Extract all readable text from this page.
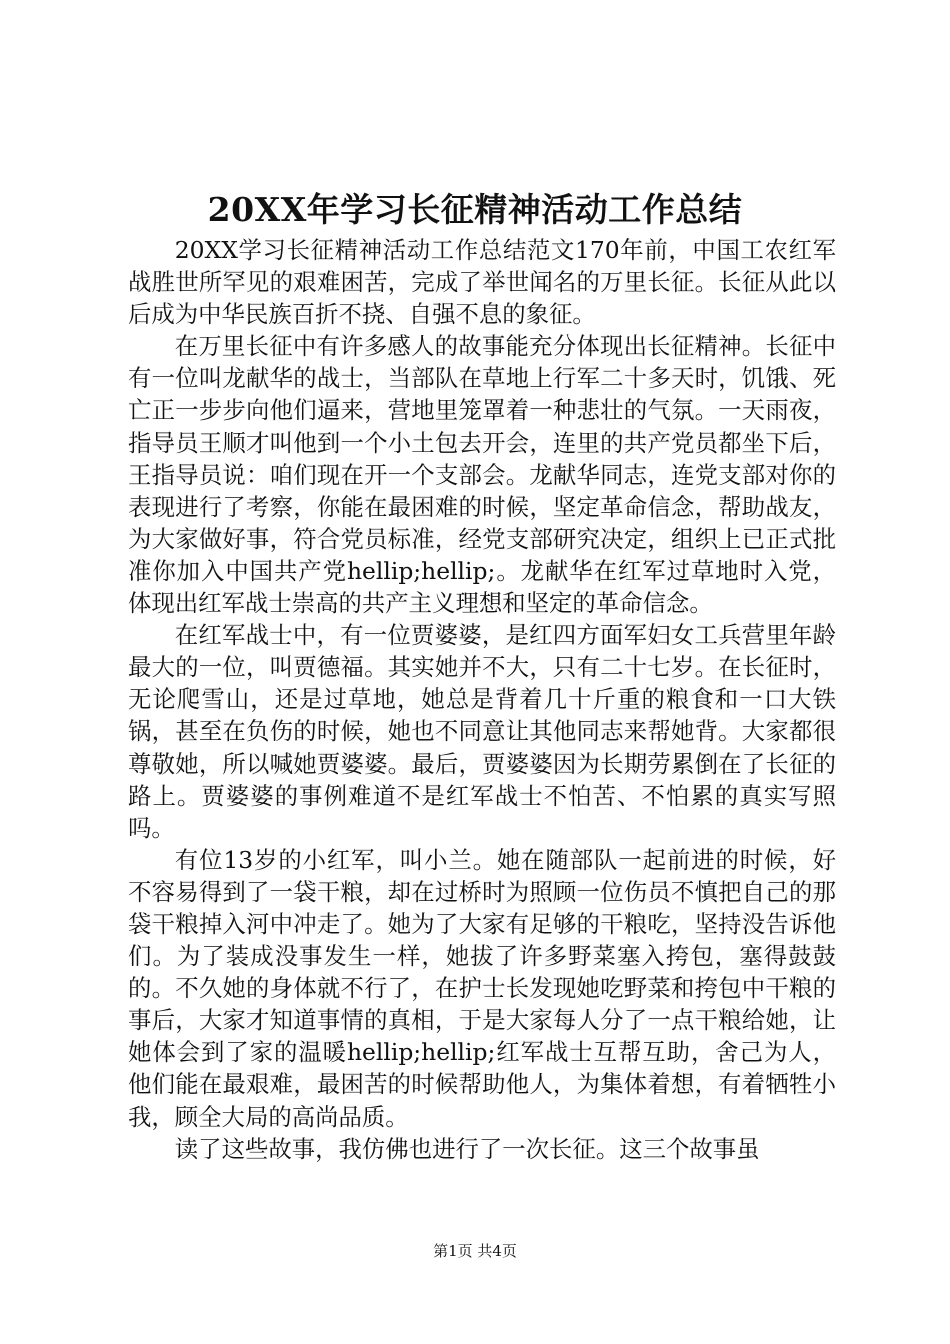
20XX年学习长征精神活动工作总结

20XX学习长征精神活动工作总结范文170年前，中国工农红军战胜世所罕见的艰难困苦，完成了举世闻名的万里长征。长征从此以后成为中华民族百折不挠、自强不息的象征。

在万里长征中有许多感人的故事能充分体现出长征精神。长征中有一位叫龙献华的战士，当部队在草地上行军二十多天时，饥饿、死亡正一步步向他们逼来，营地里笼罩着一种悲壮的气氛。一天雨夜，指导员王顺才叫他到一个小土包去开会，连里的共产党员都坐下后，王指导员说：咱们现在开一个支部会。龙献华同志，连党支部对你的表现进行了考察，你能在最困难的时候，坚定革命信念，帮助战友，为大家做好事，符合党员标准，经党支部研究决定，组织上已正式批准你加入中国共产党hellip;hellip;。龙献华在红军过草地时入党，体现出红军战士崇高的共产主义理想和坚定的革命信念。

在红军战士中，有一位贾婆婆，是红四方面军妇女工兵营里年龄最大的一位，叫贾德福。其实她并不大，只有二十七岁。在长征时，无论爬雪山，还是过草地，她总是背着几十斤重的粮食和一口大铁锅，甚至在负伤的时候，她也不同意让其他同志来帮她背。大家都很尊敬她，所以喊她贾婆婆。最后，贾婆婆因为长期劳累倒在了长征的路上。贾婆婆的事例难道不是红军战士不怕苦、不怕累的真实写照吗。

有位13岁的小红军，叫小兰。她在随部队一起前进的时候，好不容易得到了一袋干粮，却在过桥时为照顾一位伤员不慎把自己的那袋干粮掉入河中冲走了。她为了大家有足够的干粮吃，坚持没告诉他们。为了装成没事发生一样，她拔了许多野菜塞入挎包，塞得鼓鼓的。不久她的身体就不行了，在护士长发现她吃野菜和挎包中干粮的事后，大家才知道事情的真相，于是大家每人分了一点干粮给她，让她体会到了家的温暖hellip;hellip;红军战士互帮互助，舍己为人，他们能在最艰难，最困苦的时候帮助他人，为集体着想，有着牺牲小我，顾全大局的高尚品质。

读了这些故事，我仿佛也进行了一次长征。这三个故事虽

第1页 共4页
